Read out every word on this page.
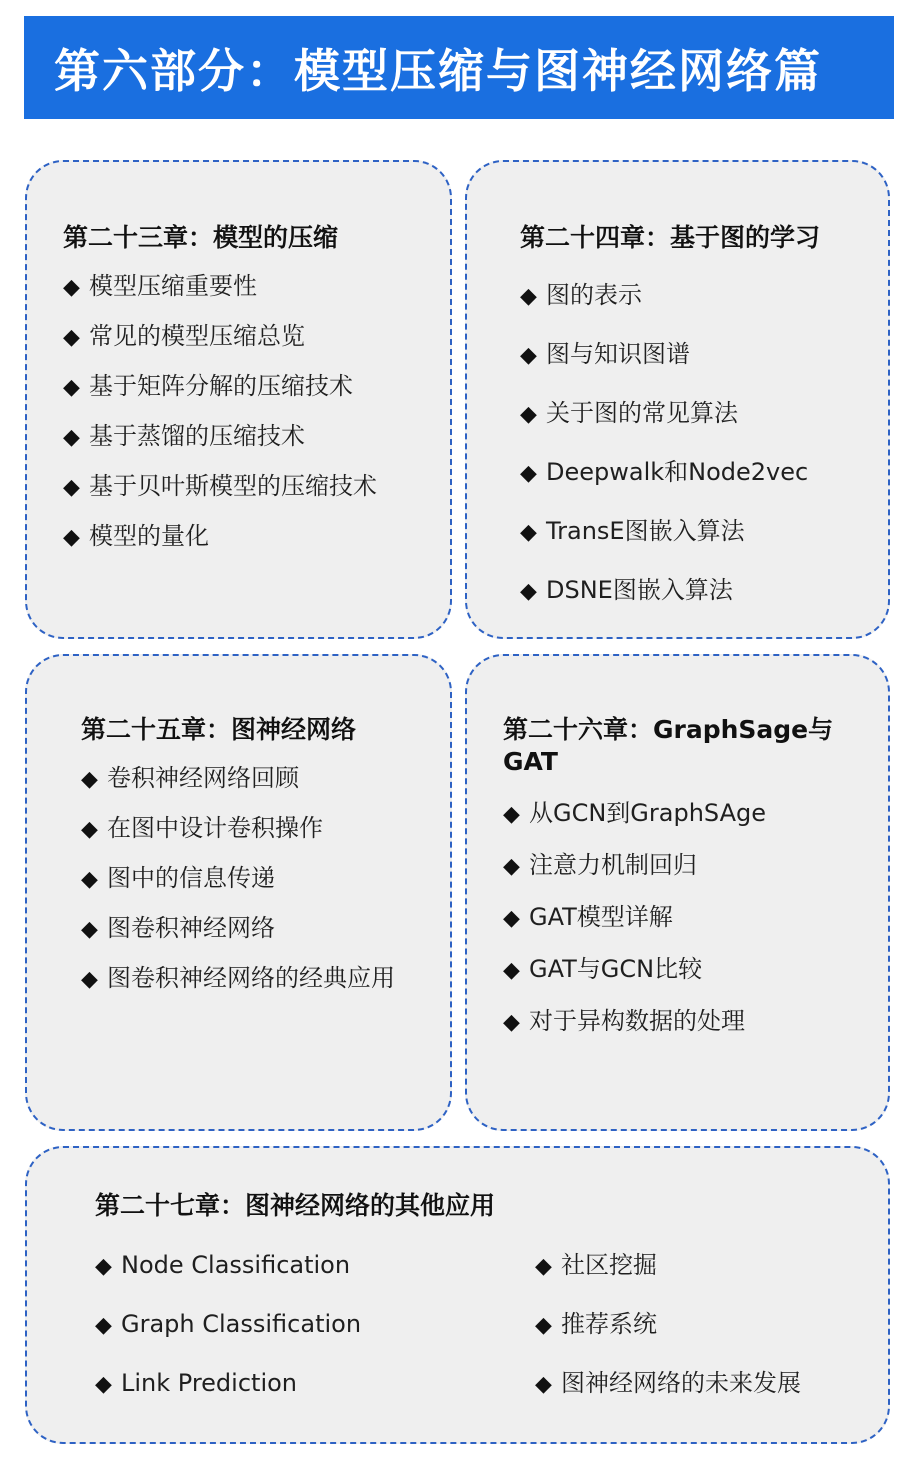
第六部分：模型压缩与图神经网络篇
第二十三章：模型的压缩
◆ 模型压缩重要性
◆ 常见的模型压缩总览
◆ 基于矩阵分解的压缩技术
◆ 基于蒸馏的压缩技术
◆ 基于贝叶斯模型的压缩技术
◆ 模型的量化
第二十四章：基于图的学习
◆ 图的表示
◆ 图与知识图谱
◆ 关于图的常见算法
◆ Deepwalk和Node2vec
◆ TransE图嵌入算法
◆ DSNE图嵌入算法
第二十五章：图神经网络
◆ 卷积神经网络回顾
◆ 在图中设计卷积操作
◆ 图中的信息传递
◆ 图卷积神经网络
◆ 图卷积神经网络的经典应用
第二十六章：GraphSage与
GAT
◆ 从GCN到GraphSAge
◆ 注意力机制回归
◆ GAT模型详解
◆ GAT与GCN比较
◆ 对于异构数据的处理
第二十七章：图神经网络的其他应用
◆ Node Classification
◆ Graph Classification
◆ Link Prediction
◆ 社区挖掘
◆ 推荐系统
◆ 图神经网络的未来发展
